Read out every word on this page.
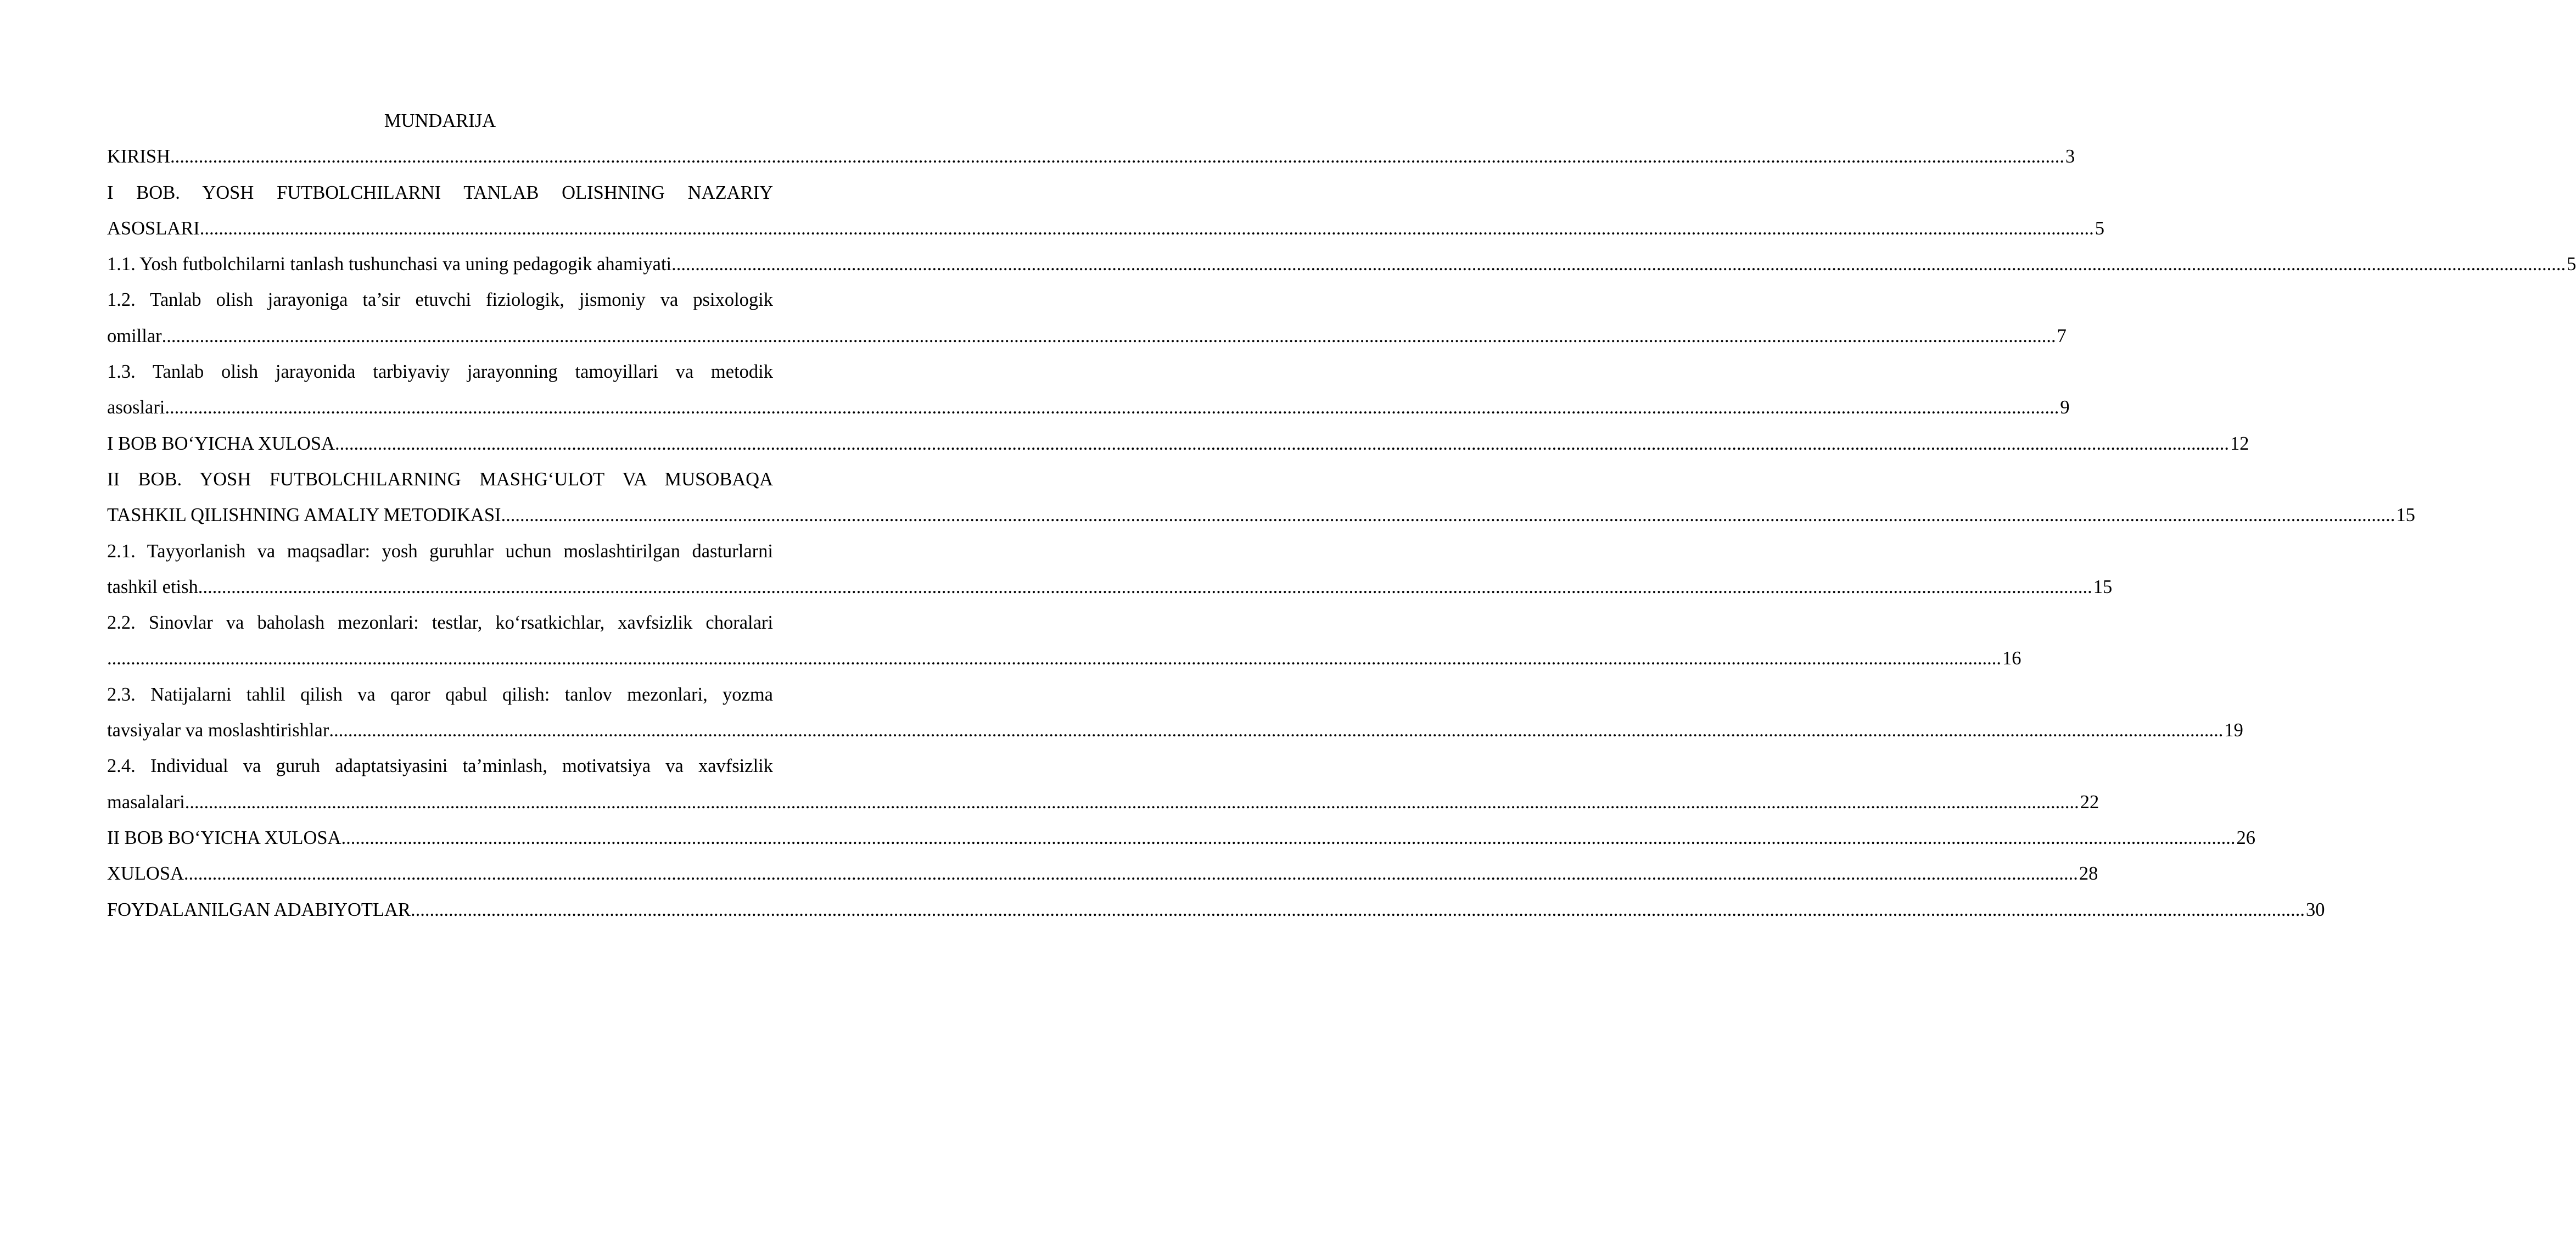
MUNDARIJA
KIRISH ................................................................................................................................................................................................................................................................................................................................................................................................................ 3
I BOB. YOSH FUTBOLCHILARNI TANLAB OLISHNING NAZARIY
ASOSLARI ................................................................................................................................................................................................................................................................................................................................................................................................................ 5
1.1. Yosh futbolchilarni tanlash tushunchasi va uning pedagogik ahamiyati ................................................................................................................................................................................................................................................................................................................................................................................................................ 5
1.2. Tanlab olish jarayoniga ta’sir etuvchi fiziologik, jismoniy va psixologik
omillar ................................................................................................................................................................................................................................................................................................................................................................................................................ 7
1.3. Tanlab olish jarayonida tarbiyaviy jarayonning tamoyillari va metodik
asoslari ................................................................................................................................................................................................................................................................................................................................................................................................................ 9
I BOB BO‘YICHA XULOSA ................................................................................................................................................................................................................................................................................................................................................................................................................ 12
II BOB. YOSH FUTBOLCHILARNING MASHG‘ULOT VA MUSOBAQA
TASHKIL QILISHNING AMALIY METODIKASI ................................................................................................................................................................................................................................................................................................................................................................................................................ 15
2.1. Tayyorlanish va maqsadlar: yosh guruhlar uchun moslashtirilgan dasturlarni
tashkil etish ................................................................................................................................................................................................................................................................................................................................................................................................................ 15
2.2. Sinovlar va baholash mezonlari: testlar, ko‘rsatkichlar, xavfsizlik choralari
................................................................................................................................................................................................................................................................................................................................................................................................................ 16
2.3. Natijalarni tahlil qilish va qaror qabul qilish: tanlov mezonlari, yozma
tavsiyalar va moslashtirishlar ................................................................................................................................................................................................................................................................................................................................................................................................................ 19
2.4. Individual va guruh adaptatsiyasini ta’minlash, motivatsiya va xavfsizlik
masalalari ................................................................................................................................................................................................................................................................................................................................................................................................................ 22
II BOB BO‘YICHA XULOSA ................................................................................................................................................................................................................................................................................................................................................................................................................ 26
XULOSA ................................................................................................................................................................................................................................................................................................................................................................................................................ 28
FOYDALANILGAN ADABIYOTLAR ................................................................................................................................................................................................................................................................................................................................................................................................................ 30
